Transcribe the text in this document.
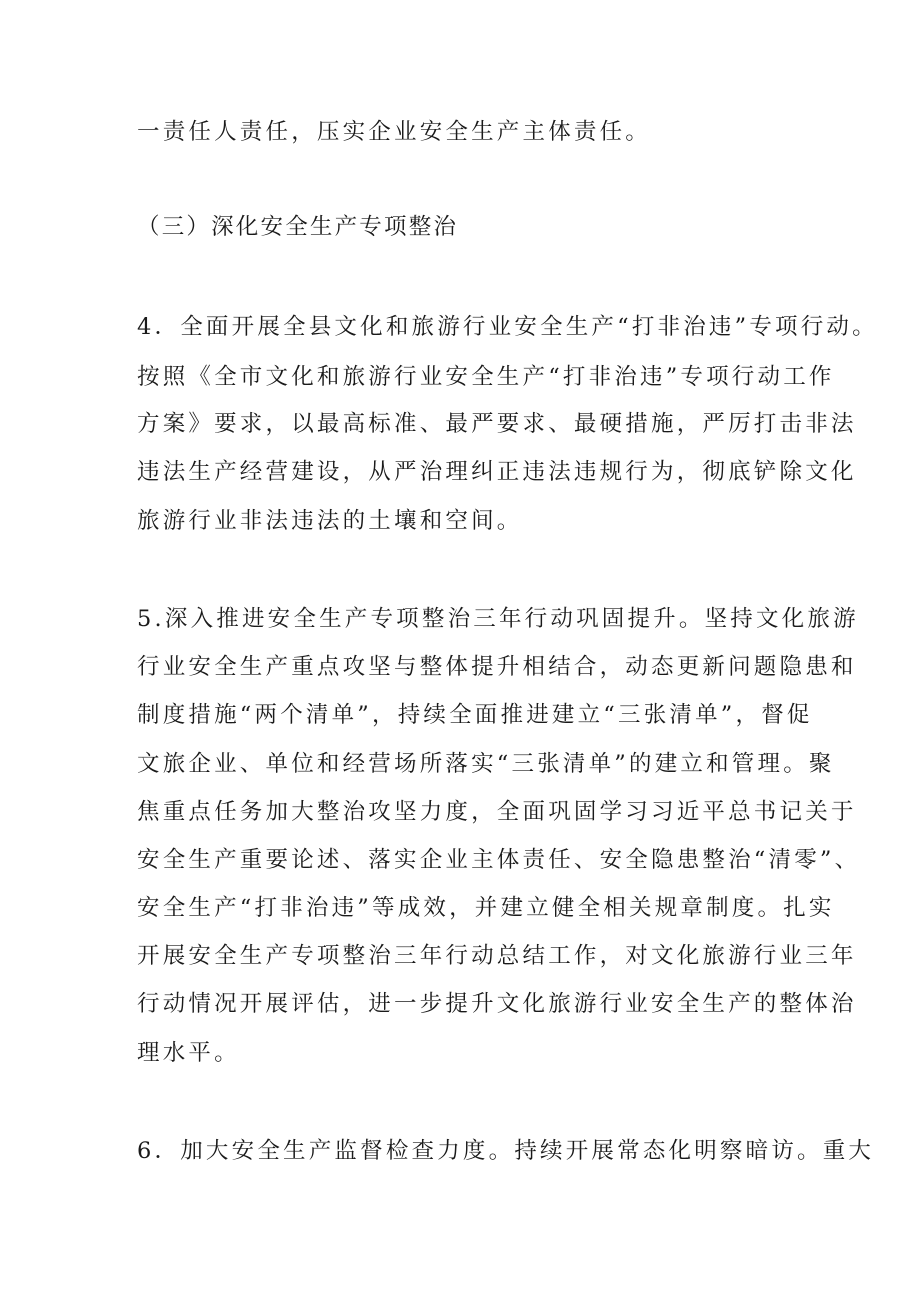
一责任人责任，压实企业安全生产主体责任。
（三）深化安全生产专项整治
4．全面开展全县文化和旅游行业安全生产“打非治违”专项行动。
按照《全市文化和旅游行业安全生产“打非治违”专项行动工作
方案》要求，以最高标准、最严要求、最硬措施，严厉打击非法
违法生产经营建设，从严治理纠正违法违规行为，彻底铲除文化
旅游行业非法违法的土壤和空间。
5.深入推进安全生产专项整治三年行动巩固提升。坚持文化旅游
行业安全生产重点攻坚与整体提升相结合，动态更新问题隐患和
制度措施“两个清单”，持续全面推进建立“三张清单”，督促
文旅企业、单位和经营场所落实“三张清单”的建立和管理。聚
焦重点任务加大整治攻坚力度，全面巩固学习习近平总书记关于
安全生产重要论述、落实企业主体责任、安全隐患整治“清零”、
安全生产“打非治违”等成效，并建立健全相关规章制度。扎实
开展安全生产专项整治三年行动总结工作，对文化旅游行业三年
行动情况开展评估，进一步提升文化旅游行业安全生产的整体治
理水平。
6．加大安全生产监督检查力度。持续开展常态化明察暗访。重大
